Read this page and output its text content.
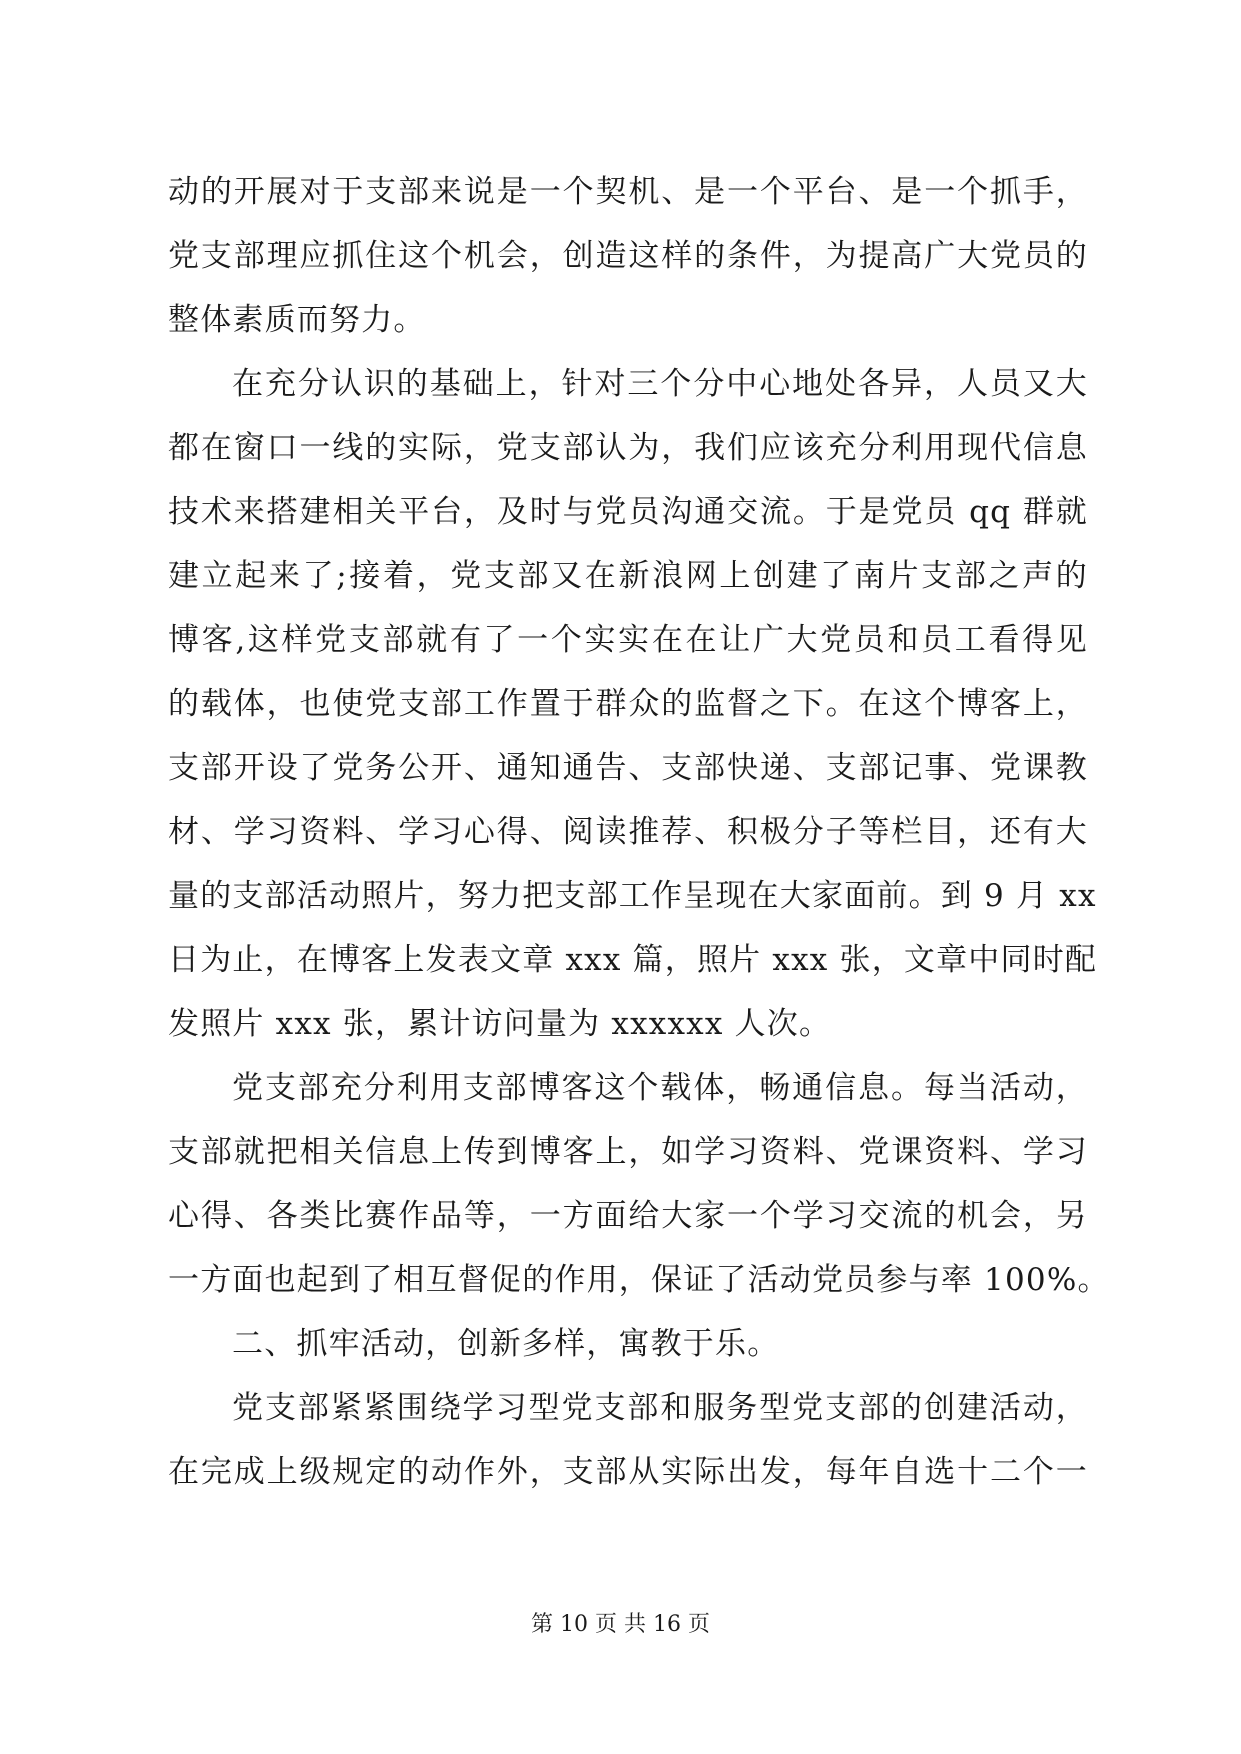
动的开展对于支部来说是一个契机、是一个平台、是一个抓手，
党支部理应抓住这个机会，创造这样的条件，为提高广大党员的
整体素质而努力。
在充分认识的基础上，针对三个分中心地处各异，人员又大
都在窗口一线的实际，党支部认为，我们应该充分利用现代信息
技术来搭建相关平台，及时与党员沟通交流。于是党员 qq 群就
建立起来了;接着，党支部又在新浪网上创建了南片支部之声的
博客,这样党支部就有了一个实实在在让广大党员和员工看得见
的载体，也使党支部工作置于群众的监督之下。在这个博客上，
支部开设了党务公开、通知通告、支部快递、支部记事、党课教
材、学习资料、学习心得、阅读推荐、积极分子等栏目，还有大
量的支部活动照片，努力把支部工作呈现在大家面前。到 9 月 xx
日为止，在博客上发表文章 xxx 篇，照片 xxx 张，文章中同时配
发照片 xxx 张，累计访问量为 xxxxxx 人次。
党支部充分利用支部博客这个载体，畅通信息。每当活动，
支部就把相关信息上传到博客上，如学习资料、党课资料、学习
心得、各类比赛作品等，一方面给大家一个学习交流的机会，另
一方面也起到了相互督促的作用，保证了活动党员参与率 100%。
二、抓牢活动，创新多样，寓教于乐。
党支部紧紧围绕学习型党支部和服务型党支部的创建活动，
在完成上级规定的动作外，支部从实际出发，每年自选十二个一
第 10 页 共 16 页
